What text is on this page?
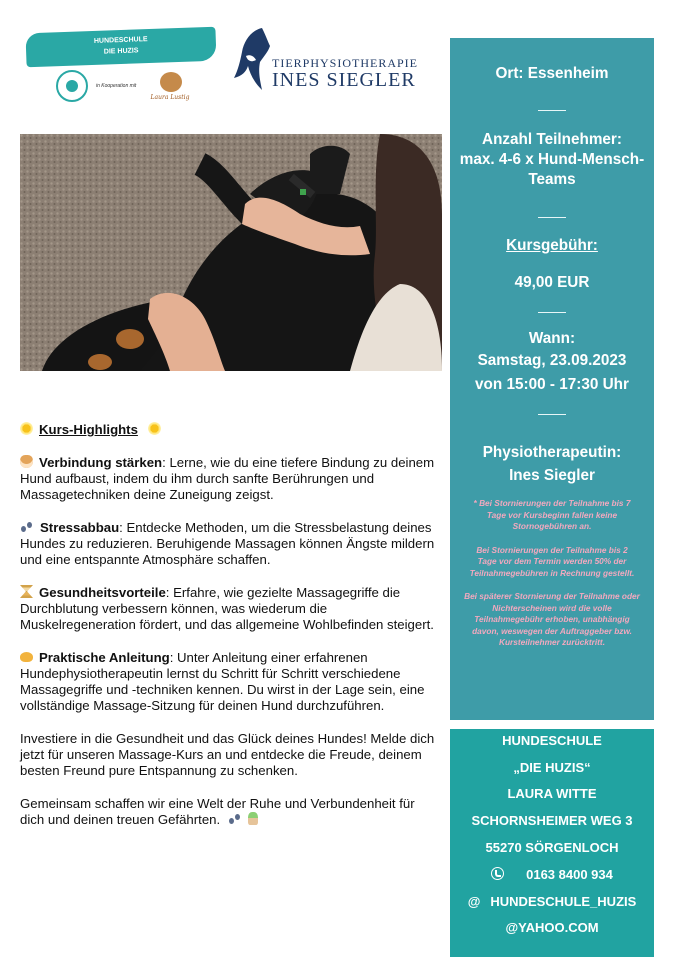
HUNDESCHULE
DIE HUZIS
in Kooperation mit
Laura Lustig
TIERPHYSIOTHERAPIE
INES SIEGLER

Kurs-Highlights

Verbindung stärken: Lerne, wie du eine tiefere Bindung zu deinem Hund aufbaust, indem du ihm durch sanfte Berührungen und Massagetechniken deine Zuneigung zeigst.

Stressabbau: Entdecke Methoden, um die Stressbelastung deines Hundes zu reduzieren. Beruhigende Massagen können Ängste mildern und eine entspannte Atmosphäre schaffen.

Gesundheitsvorteile: Erfahre, wie gezielte Massagegriffe die Durchblutung verbessern können, was wiederum die Muskelregeneration fördert, und das allgemeine Wohlbefinden steigert.

Praktische Anleitung: Unter Anleitung einer erfahrenen Hundephysiotherapeutin lernst du Schritt für Schritt verschiedene Massagegriffe und -techniken kennen. Du wirst in der Lage sein, eine vollständige Massage-Sitzung für deinen Hund durchzuführen.

Investiere in die Gesundheit und das Glück deines Hundes! Melde dich jetzt für unseren Massage-Kurs an und entdecke die Freude, deinem besten Freund pure Entspannung zu schenken.

Gemeinsam schaffen wir eine Welt der Ruhe und Verbundenheit für dich und deinen treuen Gefährten.

Ort: Essenheim
Anzahl Teilnehmer:
max. 4-6 x Hund-Mensch-Teams
Kursgebühr:
49,00 EUR
Wann:
Samstag, 23.09.2023
von 15:00 - 17:30 Uhr
Physiotherapeutin:
Ines Siegler
* Bei Stornierungen der Teilnahme bis 7 Tage vor Kursbeginn fallen keine Stornogebühren an.
Bei Stornierungen der Teilnahme bis 2 Tage vor dem Termin werden 50% der Teilnahmegebühren in Rechnung gestellt.
Bei späterer Stornierung der Teilnahme oder Nichterscheinen wird die volle Teilnahmegebühr erhoben, unabhängig davon, weswegen der Auftraggeber bzw. Kursteilnehmer zurücktritt.
HUNDESCHULE
„DIE HUZIS“
LAURA WITTE
SCHORNSHEIMER WEG 3
55270 SÖRGENLOCH
0163 8400 934
@ HUNDESCHULE_HUZIS
@YAHOO.COM
